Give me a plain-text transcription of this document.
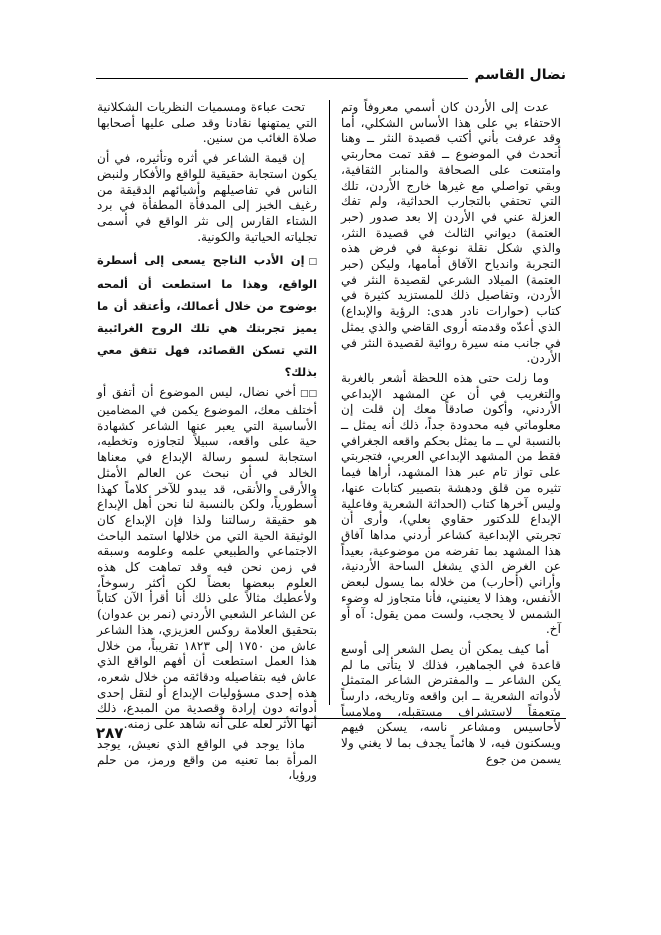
نضال القاسم

عدت إلى الأردن كان أسمي معروفاً وتم الاحتفاء بي على هذا الأساس الشكلي، أما وقد عرفت بأني أكتب قصيدة النثر ــ وهنا أتحدث في الموضوع ــ فقد تمت محاربتي وامتنعت على الصحافة والمنابر الثقافية، وبقي تواصلي مع غيرها خارج الأردن، تلك التي تحتفي بالتجارب الحداثية، ولم تفك العزلة عني في الأردن إلا بعد صدور (حبر العتمة) ديواني الثالث في قصيدة النثر، والذي شكل نقلة نوعية في فرض هذه التجربة واندياح الآفاق أمامها، وليكن (حبر العتمة) الميلاد الشرعي لقصيدة النثر في الأردن، وتفاصيل ذلك للمستزيد كثيرة في كتاب (حوارات نادر هدى: الرؤية والإبداع) الذي أعدّه وقدمته أروى القاضي والذي يمثل في جانب منه سيرة روائية لقصيدة النثر في الأردن.

وما زلت حتى هذه اللحظة أشعر بالغربة والتغريب في أن عن المشهد الإبداعي الأردني، وأكون صادقاً معك إن قلت إن معلوماتي فيه محدودة جداً، ذلك أنه يمثل ــ بالنسبة لي ــ ما يمثل بحكم واقعه الجغرافي فقط من المشهد الإبداعي العربي، فتجربتي على تواز تام عبر هذا المشهد، أراها فيما تثيره من قلق ودهشة بتصيير كتابات عنها، وليس آخرها كتاب (الحداثة الشعرية وفاعلية الإبداع للدكتور حقاوي بعلي)، وأرى أن تجربتي الإبداعية كشاعر أردني مداها آفاق هذا المشهد بما تفرضه من موضوعية، بعيداً عن الغرض الذي يشغل الساحة الأردنية، وأراني (أحارب) من خلاله بما يسول لبعض الأنفس، وهذا لا يعنيني، فأنا متجاوز له وضوء الشمس لا يحجب، ولست ممن يقول: آه أو آخ.

أما كيف يمكن أن يصل الشعر إلى أوسع قاعدة في الجماهير، فذلك لا يتأتى ما لم يكن الشاعر ــ والمفترض الشاعر المتمثل لأدواته الشعرية ــ ابن واقعه وتاريخه، دارساً متعمقاً لاستشراف مستقبله، وملامساً لأحاسيس ومشاعر ناسه، يسكن فيهم ويسكنون فيه، لا هائماً يجدف بما لا يغني ولا يسمن من جوع

تحت عباءة ومسميات النظريات الشكلانية التي يمتهنها نقادنا وقد صلى عليها أصحابها صلاة الغائب من سنين.

إن قيمة الشاعر في أثره وتأثيره، في أن يكون استجابة حقيقية للواقع والأفكار ولنبض الناس في تفاصيلهم وأشيائهم الدقيقة من رغيف الخبز إلى المدفأة المطفأة في برد الشتاء القارس إلى نثر الواقع في أسمى تجلياته الحياتية والكونية.

□إن الأدب الناجح يسعى إلى أسطرة الواقع، وهذا ما استطعت أن ألمحه بوضوح من خلال أعمالك، وأعتقد أن ما يميز تجربتك هي تلك الروح الغرائبية التي تسكن القصائد، فهل تتفق معي بذلك؟

□□أخي نضال، ليس الموضوع أن أتفق أو أختلف معك، الموضوع يكمن في المضامين الأساسية التي يعبر عنها الشاعر كشهادة حية على واقعه، سبيلاً لتجاوزه وتخطيه، استجابة لسمو رسالة الإبداع في معناها الخالد في أن نبحث عن العالم الأمثل والأرقى والأنقى، قد يبدو للآخر كلاماً كهذا أسطورياً، ولكن بالنسبة لنا نحن أهل الإبداع هو حقيقة رسالتنا ولذا فإن الإبداع كان الوثيقة الحية التي من خلالها استمد الباحث الاجتماعي والطبيعي علمه وعلومه وسبقه في زمن نحن فيه وقد تماهت كل هذه العلوم ببعضها بعضاً لكن أكثر رسوخاً، ولأعطيك مثالاً على ذلك أنا أقرأ الآن كتاباً عن الشاعر الشعبي الأردني (نمر بن عدوان) بتحقيق العلامة روكس العزيزي، هذا الشاعر عاش من ١٧٥٠ إلى ١٨٢٣ تقريباً، من خلال هذا العمل استطعت أن أفهم الواقع الذي عاش فيه بتفاصيله ودقائقه من خلال شعره، هذه إحدى مسؤوليات الإبداع أو لنقل إحدى أدواته دون إرادة وقصدية من المبدع، ذلك أنها الأثر لعله على أنه شاهد على زمنه.

ماذا يوجد في الواقع الذي نعيش، يوجد المرأة بما تعنيه من واقع ورمز، من حلم ورؤيا،

٢٨٧
